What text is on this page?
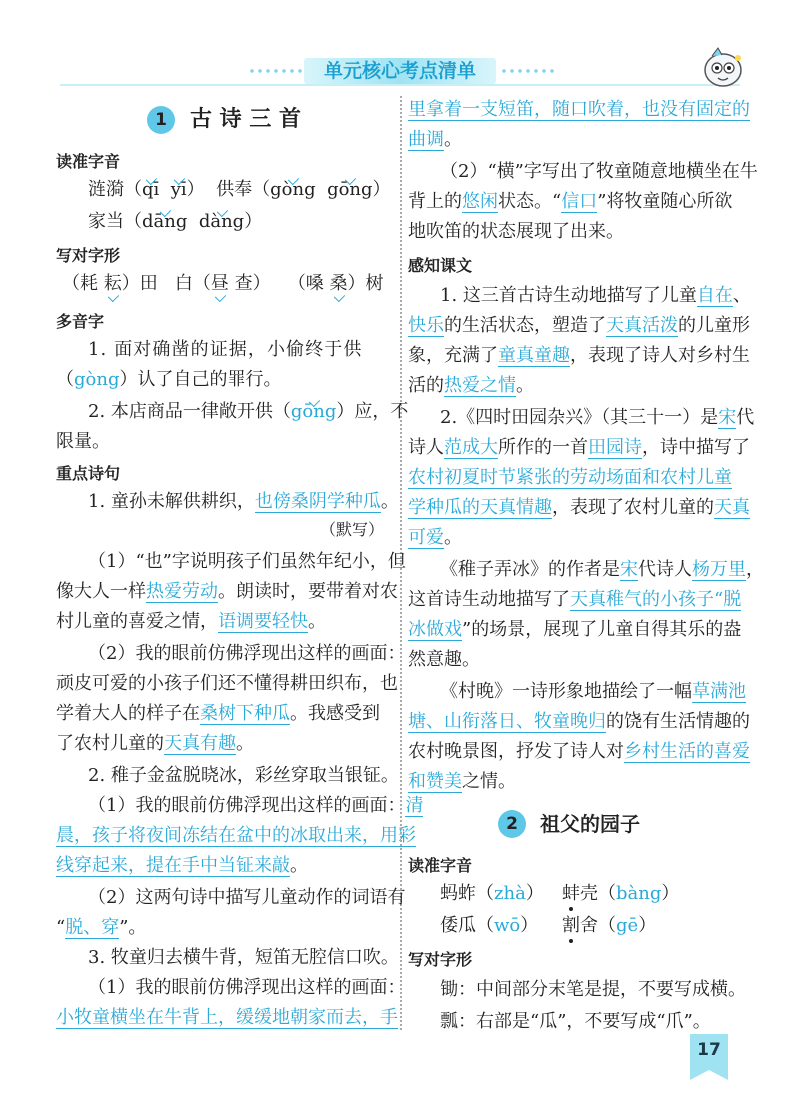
单元核心考点清单
1	古 诗 三 首
读准字音
涟漪（qī yī）  供奉（gòng gōng）
家当（dāng dàng）
写对字形
（耗 耘）田 白（昼 查） （嗓 桑）树
多音字
1. 面对确凿的证据，小偷终于供
（gòng）认了自己的罪行。
2. 本店商品一律敞开供（gōng）应，不
限量。
重点诗句
1. 童孙未解供耕织，也傍桑阴学种瓜。
（默写）
（1）“也”字说明孩子们虽然年纪小，但
像大人一样热爱劳动。朗读时，要带着对农
村儿童的喜爱之情，语调要轻快。
（2）我的眼前仿佛浮现出这样的画面：
顽皮可爱的小孩子们还不懂得耕田织布，也
学着大人的样子在桑树下种瓜。我感受到
了农村儿童的天真有趣。
2. 稚子金盆脱晓冰，彩丝穿取当银钲。
（1）我的眼前仿佛浮现出这样的画面：清
晨，孩子将夜间冻结在盆中的冰取出来，用彩
线穿起来，提在手中当钲来敲。
（2）这两句诗中描写儿童动作的词语有
“脱、穿”。
3. 牧童归去横牛背，短笛无腔信口吹。
（1）我的眼前仿佛浮现出这样的画面：
小牧童横坐在牛背上，缓缓地朝家而去，手
里拿着一支短笛，随口吹着，也没有固定的
曲调。
（2）“横”字写出了牧童随意地横坐在牛
背上的悠闲状态。“信口”将牧童随心所欲
地吹笛的状态展现了出来。
感知课文
1. 这三首古诗生动地描写了儿童自在、
快乐的生活状态，塑造了天真活泼的儿童形
象，充满了童真童趣，表现了诗人对乡村生
活的热爱之情。
2.《四时田园杂兴》（其三十一）是宋代
诗人范成大所作的一首田园诗，诗中描写了
农村初夏时节紧张的劳动场面和农村儿童
学种瓜的天真情趣，表现了农村儿童的天真
可爱。
《稚子弄冰》的作者是宋代诗人杨万里，
这首诗生动地描写了天真稚气的小孩子“脱
冰做戏”的场景，展现了儿童自得其乐的盎
然意趣。
《村晚》一诗形象地描绘了一幅草满池
塘、山衔落日、牧童晚归的饶有生活情趣的
农村晚景图，抒发了诗人对乡村生活的喜爱
和赞美之情。
2	祖父的园子
读准字音
蚂蚱（zhà） 蚌壳（bàng）
倭瓜（wō） 割舍（gē）
写对字形
锄：中间部分末笔是提，不要写成横。
瓢：右部是“瓜”，不要写成“爪”。
17
